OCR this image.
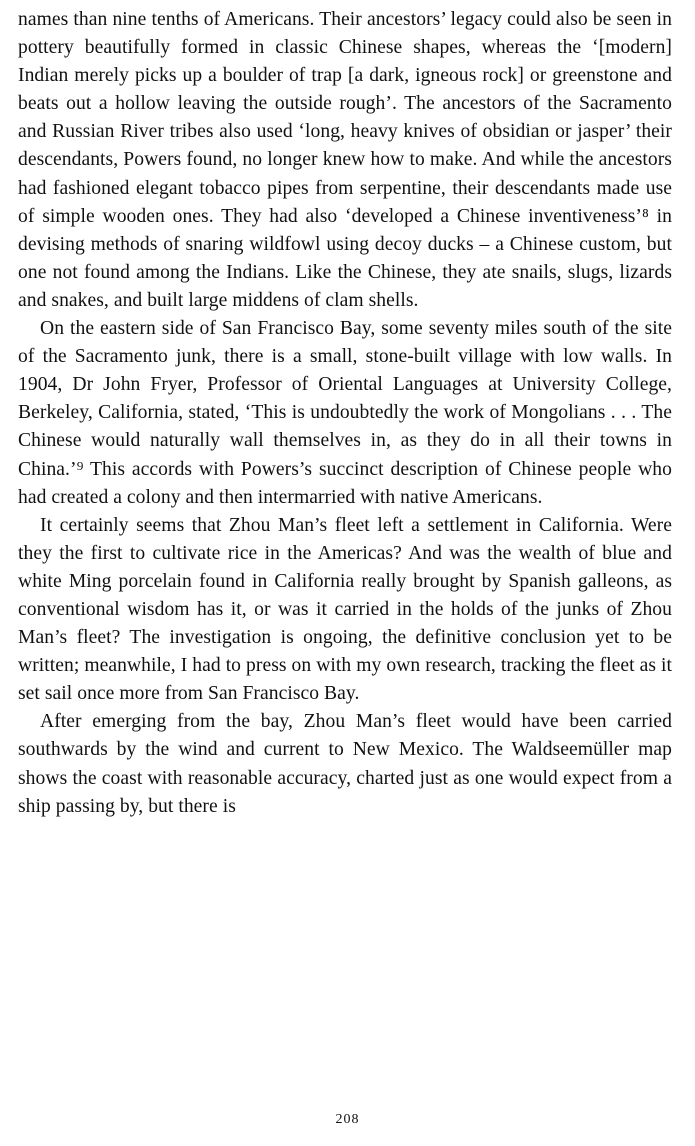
names than nine tenths of Americans. Their ancestors’ legacy could also be seen in pottery beautifully formed in classic Chinese shapes, whereas the ‘[modern] Indian merely picks up a boulder of trap [a dark, igneous rock] or greenstone and beats out a hollow leaving the outside rough’. The ancestors of the Sacramento and Russian River tribes also used ‘long, heavy knives of obsidian or jasper’ their descendants, Powers found, no longer knew how to make. And while the ancestors had fashioned elegant tobacco pipes from serpentine, their descendants made use of simple wooden ones. They had also ‘developed a Chinese inventiveness’⁸ in devising methods of snaring wildfowl using decoy ducks – a Chinese custom, but one not found among the Indians. Like the Chinese, they ate snails, slugs, lizards and snakes, and built large middens of clam shells.

On the eastern side of San Francisco Bay, some seventy miles south of the site of the Sacramento junk, there is a small, stone-built village with low walls. In 1904, Dr John Fryer, Professor of Oriental Languages at University College, Berkeley, California, stated, ‘This is undoubtedly the work of Mongolians . . . The Chinese would naturally wall themselves in, as they do in all their towns in China.’⁹ This accords with Powers’s succinct description of Chinese people who had created a colony and then intermarried with native Americans.

It certainly seems that Zhou Man’s fleet left a settlement in California. Were they the first to cultivate rice in the Americas? And was the wealth of blue and white Ming porcelain found in California really brought by Spanish galleons, as conventional wisdom has it, or was it carried in the holds of the junks of Zhou Man’s fleet? The investigation is ongoing, the definitive conclusion yet to be written; meanwhile, I had to press on with my own research, tracking the fleet as it set sail once more from San Francisco Bay.

After emerging from the bay, Zhou Man’s fleet would have been carried southwards by the wind and current to New Mexico. The Waldseemüller map shows the coast with reasonable accuracy, charted just as one would expect from a ship passing by, but there is

208
